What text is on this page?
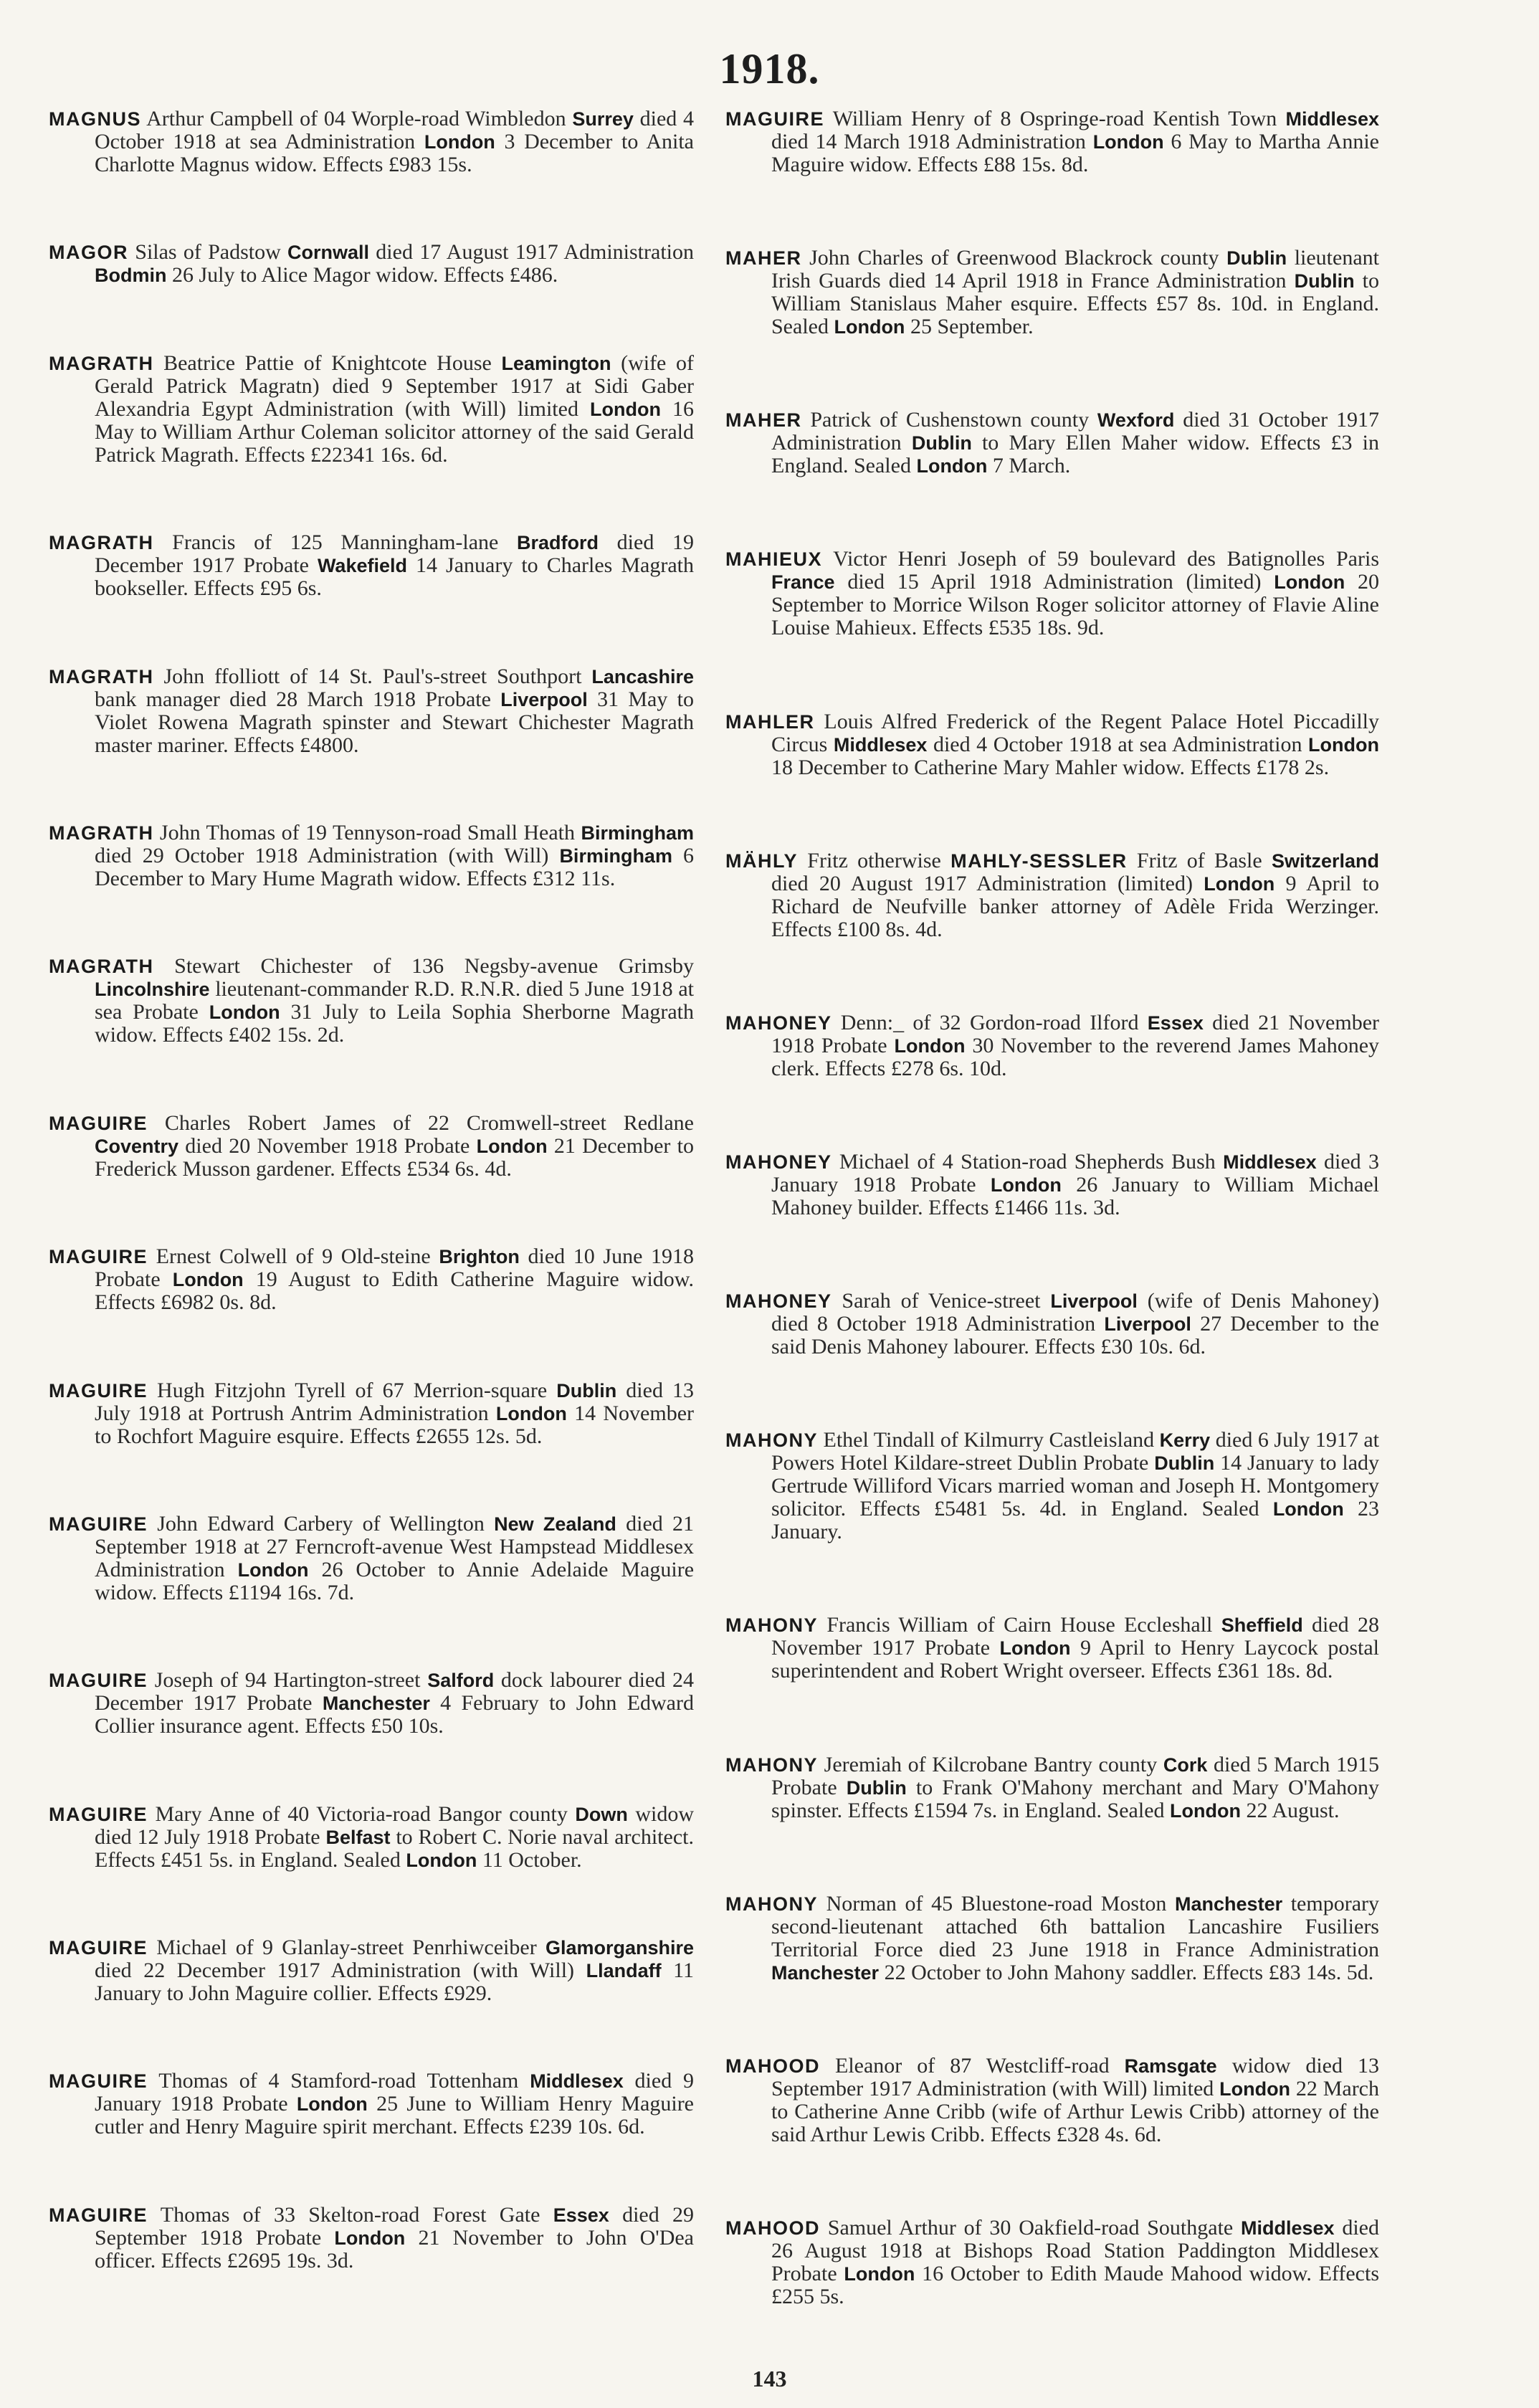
1918.
MAGNUS Arthur Campbell of 04 Worple-road Wimbledon Surrey died 4 October 1918 at sea Administration London 3 December to Anita Charlotte Magnus widow. Effects £983 15s.
MAGOR Silas of Padstow Cornwall died 17 August 1917 Administration Bodmin 26 July to Alice Magor widow. Effects £486.
MAGRATH Beatrice Pattie of Knightcote House Leamington (wife of Gerald Patrick Magratn) died 9 September 1917 at Sidi Gaber Alexandria Egypt Administration (with Will) limited London 16 May to William Arthur Coleman solicitor attorney of the said Gerald Patrick Magrath. Effects £22341 16s. 6d.
MAGRATH Francis of 125 Manningham-lane Bradford died 19 December 1917 Probate Wakefield 14 January to Charles Magrath bookseller. Effects £95 6s.
MAGRATH John ffolliott of 14 St. Paul's-street Southport Lancashire bank manager died 28 March 1918 Probate Liverpool 31 May to Violet Rowena Magrath spinster and Stewart Chichester Magrath master mariner. Effects £4800.
MAGRATH John Thomas of 19 Tennyson-road Small Heath Birmingham died 29 October 1918 Administration (with Will) Birmingham 6 December to Mary Hume Magrath widow. Effects £312 11s.
MAGRATH Stewart Chichester of 136 Negsby-avenue Grimsby Lincolnshire lieutenant-commander R.D. R.N.R. died 5 June 1918 at sea Probate London 31 July to Leila Sophia Sherborne Magrath widow. Effects £402 15s. 2d.
MAGUIRE Charles Robert James of 22 Cromwell-street Redlane Coventry died 20 November 1918 Probate London 21 December to Frederick Musson gardener. Effects £534 6s. 4d.
MAGUIRE Ernest Colwell of 9 Old-steine Brighton died 10 June 1918 Probate London 19 August to Edith Catherine Maguire widow. Effects £6982 0s. 8d.
MAGUIRE Hugh Fitzjohn Tyrell of 67 Merrion-square Dublin died 13 July 1918 at Portrush Antrim Administration London 14 November to Rochfort Maguire esquire. Effects £2655 12s. 5d.
MAGUIRE John Edward Carbery of Wellington New Zealand died 21 September 1918 at 27 Ferncroft-avenue West Hampstead Middlesex Administration London 26 October to Annie Adelaide Maguire widow. Effects £1194 16s. 7d.
MAGUIRE Joseph of 94 Hartington-street Salford dock labourer died 24 December 1917 Probate Manchester 4 February to John Edward Collier insurance agent. Effects £50 10s.
MAGUIRE Mary Anne of 40 Victoria-road Bangor county Down widow died 12 July 1918 Probate Belfast to Robert C. Norie naval architect. Effects £451 5s. in England. Sealed London 11 October.
MAGUIRE Michael of 9 Glanlay-street Penrhiwceiber Glamorganshire died 22 December 1917 Administration (with Will) Llandaff 11 January to John Maguire collier. Effects £929.
MAGUIRE Thomas of 4 Stamford-road Tottenham Middlesex died 9 January 1918 Probate London 25 June to William Henry Maguire cutler and Henry Maguire spirit merchant. Effects £239 10s. 6d.
MAGUIRE Thomas of 33 Skelton-road Forest Gate Essex died 29 September 1918 Probate London 21 November to John O'Dea officer. Effects £2695 19s. 3d.
MAGUIRE William Henry of 8 Ospringe-road Kentish Town Middlesex died 14 March 1918 Administration London 6 May to Martha Annie Maguire widow. Effects £88 15s. 8d.
MAHER John Charles of Greenwood Blackrock county Dublin lieutenant Irish Guards died 14 April 1918 in France Administration Dublin to William Stanislaus Maher esquire. Effects £57 8s. 10d. in England. Sealed London 25 September.
MAHER Patrick of Cushenstown county Wexford died 31 October 1917 Administration Dublin to Mary Ellen Maher widow. Effects £3 in England. Sealed London 7 March.
MAHIEUX Victor Henri Joseph of 59 boulevard des Batignolles Paris France died 15 April 1918 Administration (limited) London 20 September to Morrice Wilson Roger solicitor attorney of Flavie Aline Louise Mahieux. Effects £535 18s. 9d.
MAHLER Louis Alfred Frederick of the Regent Palace Hotel Piccadilly Circus Middlesex died 4 October 1918 at sea Administration London 18 December to Catherine Mary Mahler widow. Effects £178 2s.
MÄHLY Fritz otherwise MAHLY-SESSLER Fritz of Basle Switzerland died 20 August 1917 Administration (limited) London 9 April to Richard de Neufville banker attorney of Adèle Frida Werzinger. Effects £100 8s. 4d.
MAHONEY Denn:_ of 32 Gordon-road Ilford Essex died 21 November 1918 Probate London 30 November to the reverend James Mahoney clerk. Effects £278 6s. 10d.
MAHONEY Michael of 4 Station-road Shepherds Bush Middlesex died 3 January 1918 Probate London 26 January to William Michael Mahoney builder. Effects £1466 11s. 3d.
MAHONEY Sarah of Venice-street Liverpool (wife of Denis Mahoney) died 8 October 1918 Administration Liverpool 27 December to the said Denis Mahoney labourer. Effects £30 10s. 6d.
MAHONY Ethel Tindall of Kilmurry Castleisland Kerry died 6 July 1917 at Powers Hotel Kildare-street Dublin Probate Dublin 14 January to lady Gertrude Williford Vicars married woman and Joseph H. Montgomery solicitor. Effects £5481 5s. 4d. in England. Sealed London 23 January.
MAHONY Francis William of Cairn House Eccleshall Sheffield died 28 November 1917 Probate London 9 April to Henry Laycock postal superintendent and Robert Wright overseer. Effects £361 18s. 8d.
MAHONY Jeremiah of Kilcrobane Bantry county Cork died 5 March 1915 Probate Dublin to Frank O'Mahony merchant and Mary O'Mahony spinster. Effects £1594 7s. in England. Sealed London 22 August.
MAHONY Norman of 45 Bluestone-road Moston Manchester temporary second-lieutenant attached 6th battalion Lancashire Fusiliers Territorial Force died 23 June 1918 in France Administration Manchester 22 October to John Mahony saddler. Effects £83 14s. 5d.
MAHOOD Eleanor of 87 Westcliff-road Ramsgate widow died 13 September 1917 Administration (with Will) limited London 22 March to Catherine Anne Cribb (wife of Arthur Lewis Cribb) attorney of the said Arthur Lewis Cribb. Effects £328 4s. 6d.
MAHOOD Samuel Arthur of 30 Oakfield-road Southgate Middlesex died 26 August 1918 at Bishops Road Station Paddington Middlesex Probate London 16 October to Edith Maude Mahood widow. Effects £255 5s.
143
